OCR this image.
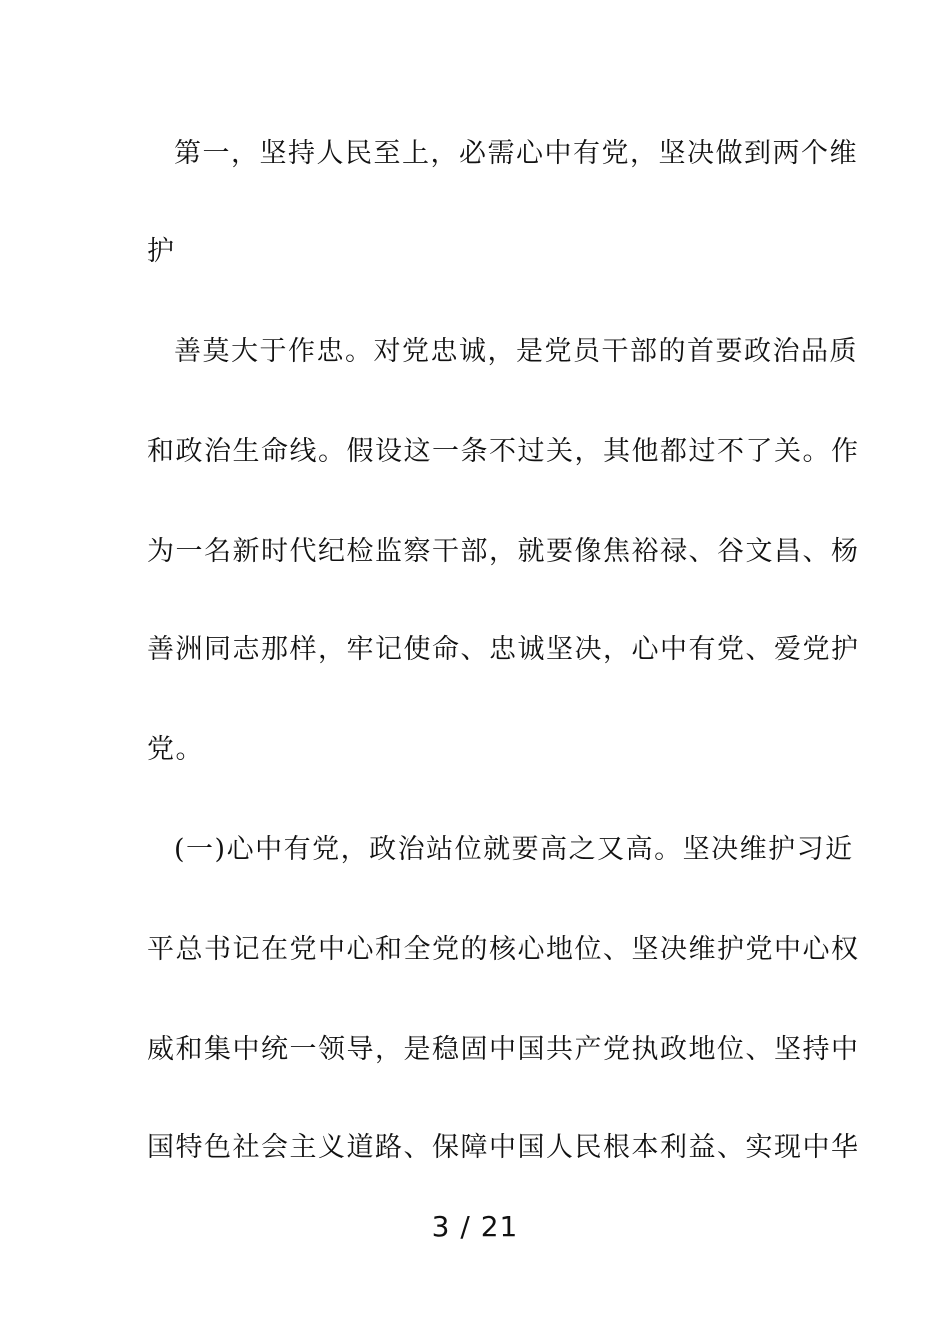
第一，坚持人民至上，必需心中有党，坚决做到两个维
护
善莫大于作忠。对党忠诚，是党员干部的首要政治品质
和政治生命线。假设这一条不过关，其他都过不了关。作
为一名新时代纪检监察干部，就要像焦裕禄、谷文昌、杨
善洲同志那样，牢记使命、忠诚坚决，心中有党、爱党护
党。
(一)心中有党，政治站位就要高之又高。坚决维护习近
平总书记在党中心和全党的核心地位、坚决维护党中心权
威和集中统一领导，是稳固中国共产党执政地位、坚持中
国特色社会主义道路、保障中国人民根本利益、实现中华
3 / 21
